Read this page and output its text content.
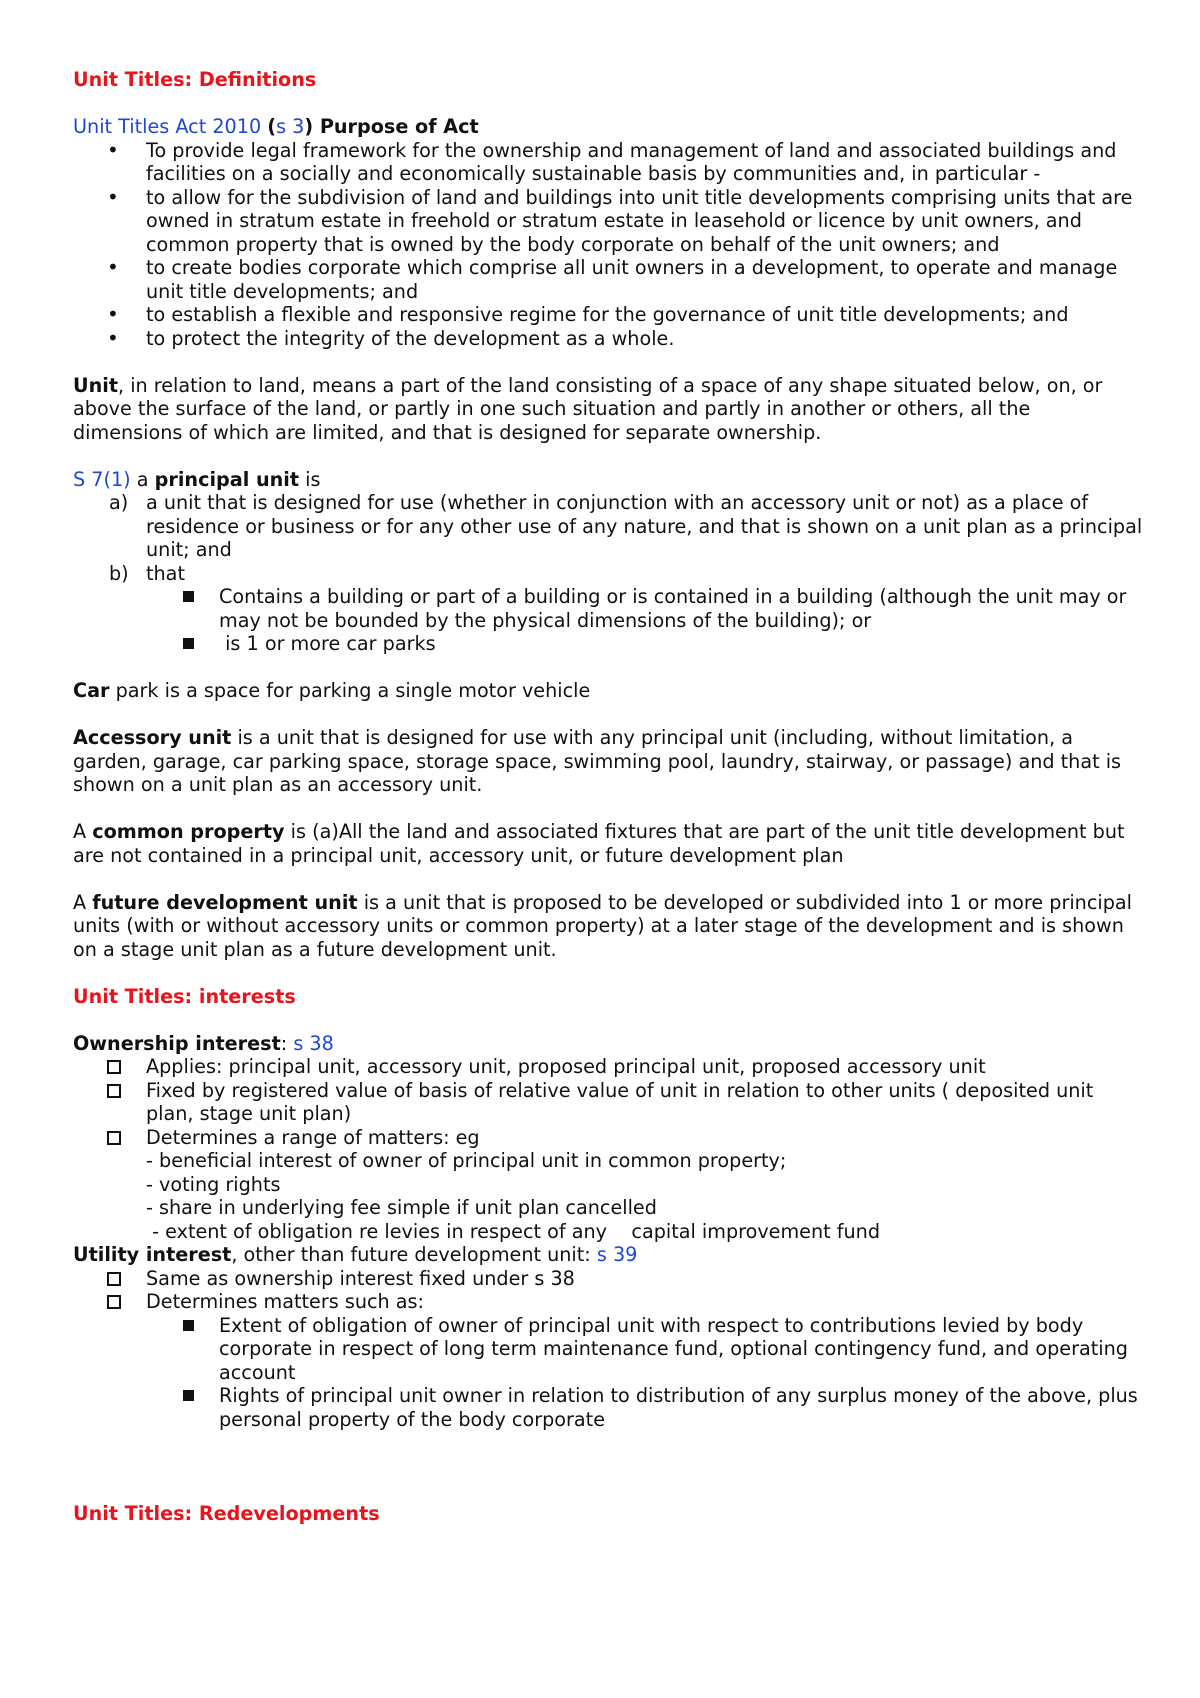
Unit Titles: Definitions

Unit Titles Act 2010 (s 3) Purpose of Act

•
To provide legal framework for the ownership and management of land and associated buildings and facilities on a socially and economically sustainable basis by communities and, in particular -
•
to allow for the subdivision of land and buildings into unit title developments comprising units that are owned in stratum estate in freehold or stratum estate in leasehold or licence by unit owners, and common property that is owned by the body corporate on behalf of the unit owners; and
•
to create bodies corporate which comprise all unit owners in a development, to operate and manage unit title developments; and
•
to establish a flexible and responsive regime for the governance of unit title developments; and
•
to protect the integrity of the development as a whole.

Unit, in relation to land, means a part of the land consisting of a space of any shape situated below, on, or above the surface of the land, or partly in one such situation and partly in another or others, all the dimensions of which are limited, and that is designed for separate ownership.

S 7(1) a principal unit is

a) a unit that is designed for use (whether in conjunction with an accessory unit or not) as a place of residence or business or for any other use of any nature, and that is shown on a unit plan as a principal unit; and
b) that
Contains a building or part of a building or is contained in a building (although the unit may or may not be bounded by the physical dimensions of the building); or
is 1 or more car parks

Car park is a space for parking a single motor vehicle

Accessory unit is a unit that is designed for use with any principal unit (including, without limitation, a garden, garage, car parking space, storage space, swimming pool, laundry, stairway, or passage) and that is shown on a unit plan as an accessory unit.

A common property is (a)All the land and associated fixtures that are part of the unit title development but are not contained in a principal unit, accessory unit, or future development plan

A future development unit is a unit that is proposed to be developed or subdivided into 1 or more principal units (with or without accessory units or common property) at a later stage of the development and is shown on a stage unit plan as a future development unit.

Unit Titles: interests

Ownership interest: s 38

Applies: principal unit, accessory unit, proposed principal unit, proposed accessory unit
Fixed by registered value of basis of relative value of unit in relation to other units ( deposited unit plan, stage unit plan)
Determines a range of matters: eg

- beneficial interest of owner of principal unit in common property;

- voting rights

- share in underlying fee simple if unit plan cancelled

- extent of obligation re levies in respect of any    capital improvement fund

Utility interest, other than future development unit: s 39

Same as ownership interest fixed under s 38
Determines matters such as:
Extent of obligation of owner of principal unit with respect to contributions levied by body corporate in respect of long term maintenance fund, optional contingency fund, and operating account
Rights of principal unit owner in relation to distribution of any surplus money of the above, plus personal property of the body corporate

Unit Titles: Redevelopments
